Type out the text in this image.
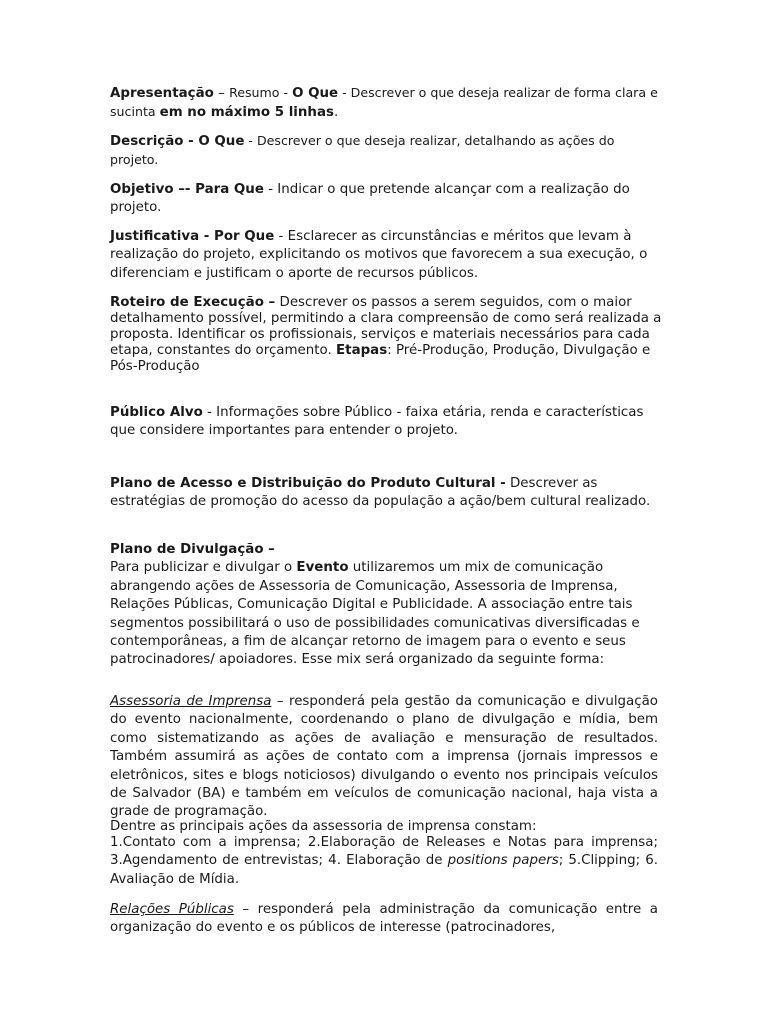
Apresentação – Resumo - O Que - Descrever o que deseja realizar de forma clara e sucinta em no máximo 5 linhas.
Descrição - O Que - Descrever o que deseja realizar, detalhando as ações do projeto.
Objetivo –- Para Que - Indicar o que pretende alcançar com a realização do projeto.
Justificativa - Por Que - Esclarecer as circunstâncias e méritos que levam à realização do projeto, explicitando os motivos que favorecem a sua execução, o diferenciam e justificam o aporte de recursos públicos.
Roteiro de Execução – Descrever os passos a serem seguidos, com o maior detalhamento possível, permitindo a clara compreensão de como será realizada a proposta. Identificar os profissionais, serviços e materiais necessários para cada etapa, constantes do orçamento. Etapas: Pré-Produção, Produção, Divulgação e Pós-Produção
Público Alvo - Informações sobre Público - faixa etária, renda e características que considere importantes para entender o projeto.
Plano de Acesso e Distribuição do Produto Cultural - Descrever as estratégias de promoção do acesso da população a ação/bem cultural realizado.
Plano de Divulgação –
Para publicizar e divulgar o Evento utilizaremos um mix de comunicação abrangendo ações de Assessoria de Comunicação, Assessoria de Imprensa, Relações Públicas, Comunicação Digital e Publicidade. A associação entre tais segmentos possibilitará o uso de possibilidades comunicativas diversificadas e contemporâneas, a fim de alcançar retorno de imagem para o evento e seus patrocinadores/ apoiadores. Esse mix será organizado da seguinte forma:
Assessoria de Imprensa – responderá pela gestão da comunicação e divulgação do evento nacionalmente, coordenando o plano de divulgação e mídia, bem como sistematizando as ações de avaliação e mensuração de resultados. Também assumirá as ações de contato com a imprensa (jornais impressos e eletrônicos, sites e blogs noticiosos) divulgando o evento nos principais veículos de Salvador (BA) e também em veículos de comunicação nacional, haja vista a grade de programação.
Dentre as principais ações da assessoria de imprensa constam:
1.Contato com a imprensa; 2.Elaboração de Releases e Notas para imprensa; 3.Agendamento de entrevistas; 4. Elaboração de positions papers; 5.Clipping; 6. Avaliação de Mídia.
Relações Públicas – responderá pela administração da comunicação entre a organização do evento e os públicos de interesse (patrocinadores,
